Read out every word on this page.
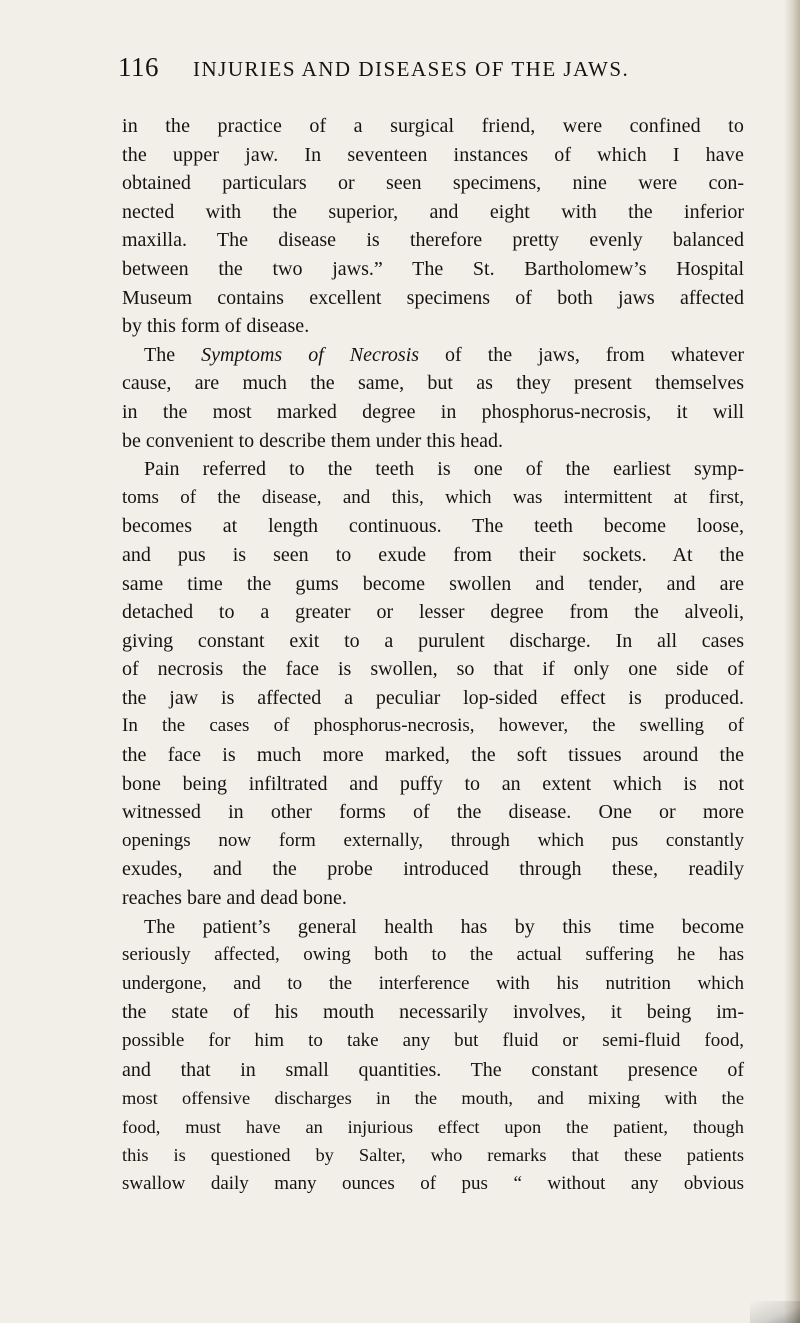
116 INJURIES AND DISEASES OF THE JAWS.
in the practice of a surgical friend, were confined to
the upper jaw. In seventeen instances of which I have
obtained particulars or seen specimens, nine were con-
nected with the superior, and eight with the inferior
maxilla. The disease is therefore pretty evenly balanced
between the two jaws.” The St. Bartholomew’s Hospital
Museum contains excellent specimens of both jaws affected
by this form of disease.
The Symptoms of Necrosis of the jaws, from whatever
cause, are much the same, but as they present themselves
in the most marked degree in phosphorus-necrosis, it will
be convenient to describe them under this head.
Pain referred to the teeth is one of the earliest symp-
toms of the disease, and this, which was intermittent at first,
becomes at length continuous. The teeth become loose,
and pus is seen to exude from their sockets. At the
same time the gums become swollen and tender, and are
detached to a greater or lesser degree from the alveoli,
giving constant exit to a purulent discharge. In all cases
of necrosis the face is swollen, so that if only one side of
the jaw is affected a peculiar lop-sided effect is produced.
In the cases of phosphorus-necrosis, however, the swelling of
the face is much more marked, the soft tissues around the
bone being infiltrated and puffy to an extent which is not
witnessed in other forms of the disease. One or more
openings now form externally, through which pus constantly
exudes, and the probe introduced through these, readily
reaches bare and dead bone.
The patient’s general health has by this time become
seriously affected, owing both to the actual suffering he has
undergone, and to the interference with his nutrition which
the state of his mouth necessarily involves, it being im-
possible for him to take any but fluid or semi-fluid food,
and that in small quantities. The constant presence of
most offensive discharges in the mouth, and mixing with the
food, must have an injurious effect upon the patient, though
this is questioned by Salter, who remarks that these patients
swallow daily many ounces of pus “ without any obvious
